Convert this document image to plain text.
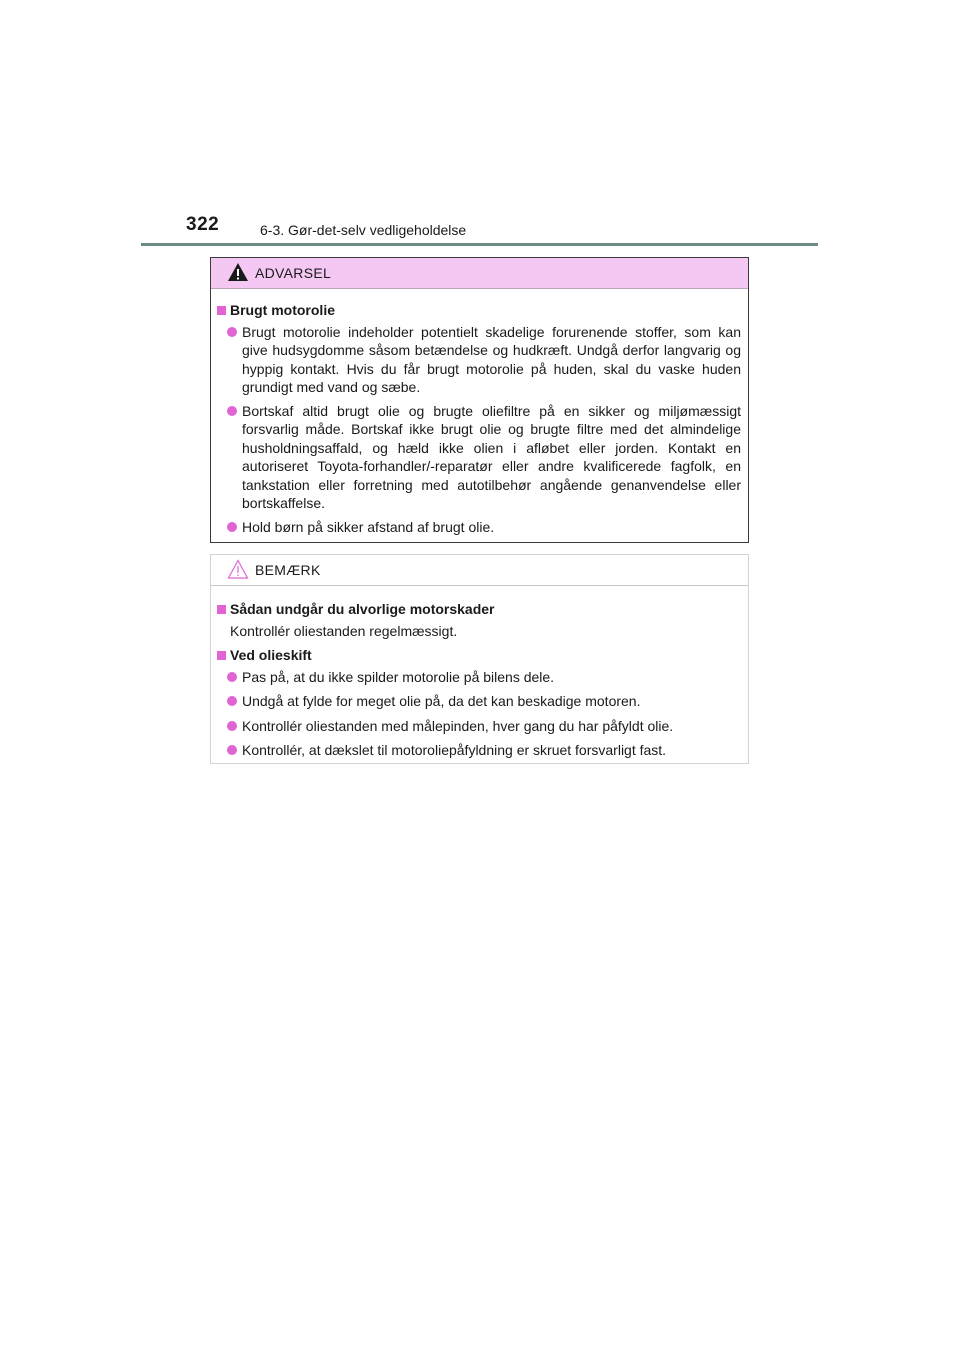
322	6-3. Gør-det-selv vedligeholdelse
ADVARSEL
Brugt motorolie
Brugt motorolie indeholder potentielt skadelige forurenende stoffer, som kan give hudsygdomme såsom betændelse og hudkræft. Undgå derfor langvarig og hyppig kontakt. Hvis du får brugt motorolie på huden, skal du vaske huden grundigt med vand og sæbe.
Bortskaf altid brugt olie og brugte oliefiltre på en sikker og miljømæssigt forsvarlig måde. Bortskaf ikke brugt olie og brugte filtre med det almindelige husholdningsaffald, og hæld ikke olien i afløbet eller jorden. Kontakt en autoriseret Toyota-forhandler/-reparatør eller andre kvalificerede fagfolk, en tankstation eller forretning med autotilbehør angående genanvendelse eller bortskaffelse.
Hold børn på sikker afstand af brugt olie.
BEMÆRK
Sådan undgår du alvorlige motorskader
Kontrollér oliestanden regelmæssigt.
Ved olieskift
Pas på, at du ikke spilder motorolie på bilens dele.
Undgå at fylde for meget olie på, da det kan beskadige motoren.
Kontrollér oliestanden med målepinden, hver gang du har påfyldt olie.
Kontrollér, at dækslet til motoroliepåfyldning er skruet forsvarligt fast.
